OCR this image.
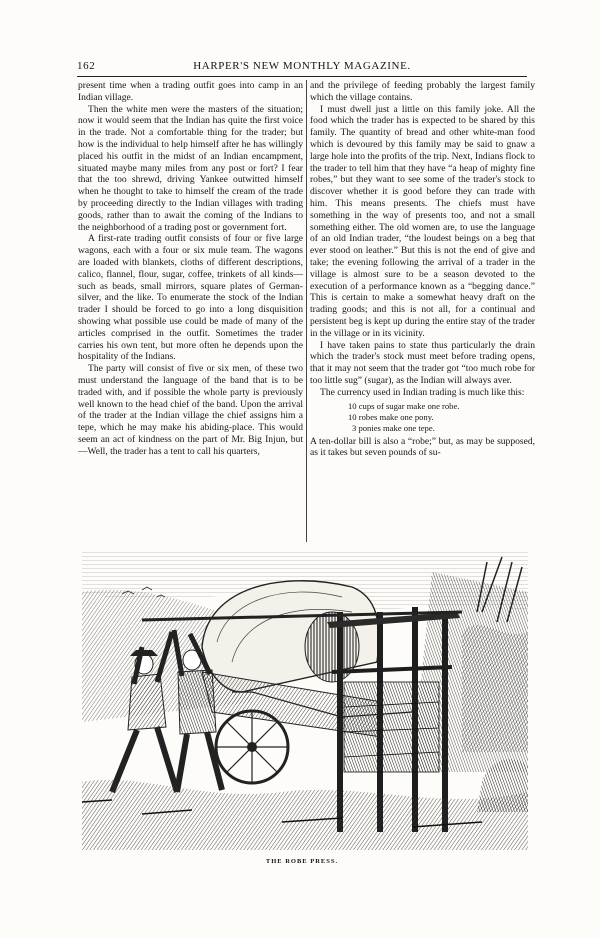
162	HARPER'S NEW MONTHLY MAGAZINE.

present time when a trading outfit goes into camp in an Indian village.

Then the white men were the masters of the situation; now it would seem that the Indian has quite the first voice in the trade. Not a comfortable thing for the trader; but how is the individual to help himself after he has willingly placed his outfit in the midst of an Indian encampment, situated maybe many miles from any post or fort? I fear that the too shrewd, driving Yankee outwitted himself when he thought to take to himself the cream of the trade by proceeding directly to the Indian villages with trading goods, rather than to await the coming of the Indians to the neighborhood of a trading post or government fort.

A first-rate trading outfit consists of four or five large wagons, each with a four or six mule team. The wagons are loaded with blankets, cloths of different descriptions, calico, flannel, flour, sugar, coffee, trinkets of all kinds—such as beads, small mirrors, square plates of German-silver, and the like. To enumerate the stock of the Indian trader I should be forced to go into a long disquisition showing what possible use could be made of many of the articles comprised in the outfit. Sometimes the trader carries his own tent, but more often he depends upon the hospitality of the Indians.

The party will consist of five or six men, of these two must understand the language of the band that is to be traded with, and if possible the whole party is previously well known to the head chief of the band. Upon the arrival of the trader at the Indian village the chief assigns him a tepe, which he may make his abiding-place. This would seem an act of kindness on the part of Mr. Big Injun, but—Well, the trader has a tent to call his quarters,

and the privilege of feeding probably the largest family which the village contains.

I must dwell just a little on this family joke. All the food which the trader has is expected to be shared by this family. The quantity of bread and other white-man food which is devoured by this family may be said to gnaw a large hole into the profits of the trip. Next, Indians flock to the trader to tell him that they have “a heap of mighty fine robes,” but they want to see some of the trader's stock to discover whether it is good before they can trade with him. This means presents. The chiefs must have something in the way of presents too, and not a small something either. The old women are, to use the language of an old Indian trader, “the loudest beings on a beg that ever stood on leather.” But this is not the end of give and take; the evening following the arrival of a trader in the village is almost sure to be a season devoted to the execution of a performance known as a “begging dance.” This is certain to make a somewhat heavy draft on the trading goods; and this is not all, for a continual and persistent beg is kept up during the entire stay of the trader in the village or in its vicinity.

I have taken pains to state thus particularly the drain which the trader's stock must meet before trading opens, that it may not seem that the trader got “too much robe for too little sug” (sugar), as the Indian will always aver.

The currency used in Indian trading is much like this:

10 cups of sugar make one robe.
10 robes make one pony.
3 ponies make one tepe.

A ten-dollar bill is also a “robe;” but, as may be supposed, as it takes but seven pounds of su-

THE ROBE PRESS.
